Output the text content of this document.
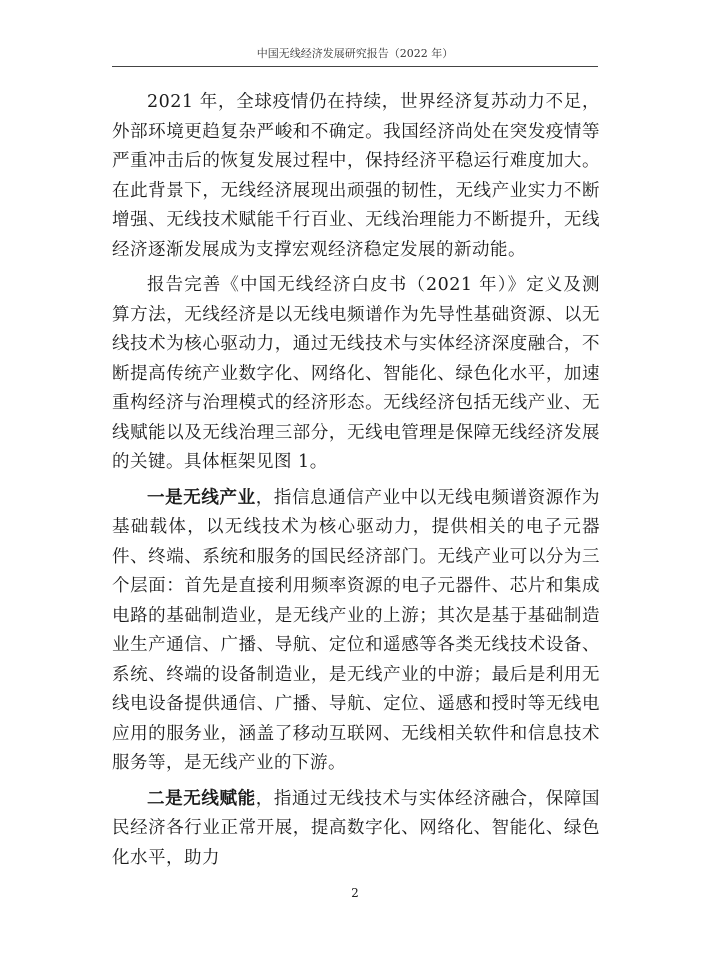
中国无线经济发展研究报告（2022 年）

2021 年，全球疫情仍在持续，世界经济复苏动力不足，外部环境更趋复杂严峻和不确定。我国经济尚处在突发疫情等严重冲击后的恢复发展过程中，保持经济平稳运行难度加大。在此背景下，无线经济展现出顽强的韧性，无线产业实力不断增强、无线技术赋能千行百业、无线治理能力不断提升，无线经济逐渐发展成为支撑宏观经济稳定发展的新动能。

报告完善《中国无线经济白皮书（2021 年）》定义及测算方法，无线经济是以无线电频谱作为先导性基础资源、以无线技术为核心驱动力，通过无线技术与实体经济深度融合，不断提高传统产业数字化、网络化、智能化、绿色化水平，加速重构经济与治理模式的经济形态。无线经济包括无线产业、无线赋能以及无线治理三部分，无线电管理是保障无线经济发展的关键。具体框架见图 1。

一是无线产业，指信息通信产业中以无线电频谱资源作为基础载体，以无线技术为核心驱动力，提供相关的电子元器件、终端、系统和服务的国民经济部门。无线产业可以分为三个层面：首先是直接利用频率资源的电子元器件、芯片和集成电路的基础制造业，是无线产业的上游；其次是基于基础制造业生产通信、广播、导航、定位和遥感等各类无线技术设备、系统、终端的设备制造业，是无线产业的中游；最后是利用无线电设备提供通信、广播、导航、定位、遥感和授时等无线电应用的服务业，涵盖了移动互联网、无线相关软件和信息技术服务等，是无线产业的下游。

二是无线赋能，指通过无线技术与实体经济融合，保障国民经济各行业正常开展，提高数字化、网络化、智能化、绿色化水平，助力

2
